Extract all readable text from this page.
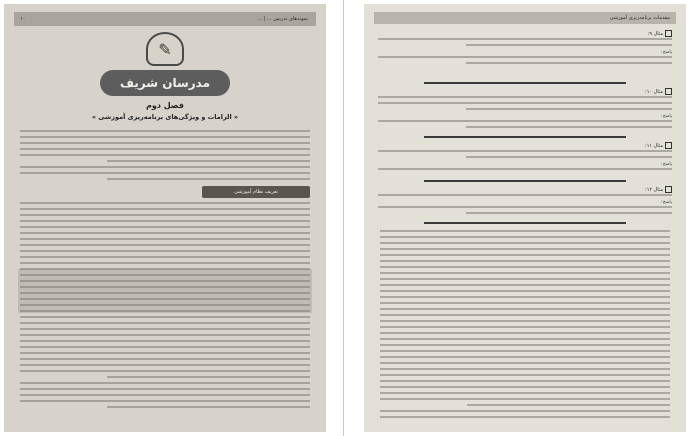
۱۰	نمونه‌های تدریس ... | ...
✎
مدرسان شریف
فصل دوم
« الزامات و ویژگی‌های برنامه‌ریزی آموزشی »
تعریف نظام آموزشی
مقدمات برنامه‌ریزی آموزشی
مثال ۹:
پاسخ:
مثال ۱۰:
پاسخ:
مثال ۱۱:
پاسخ:
مثال ۱۲:
پاسخ:
